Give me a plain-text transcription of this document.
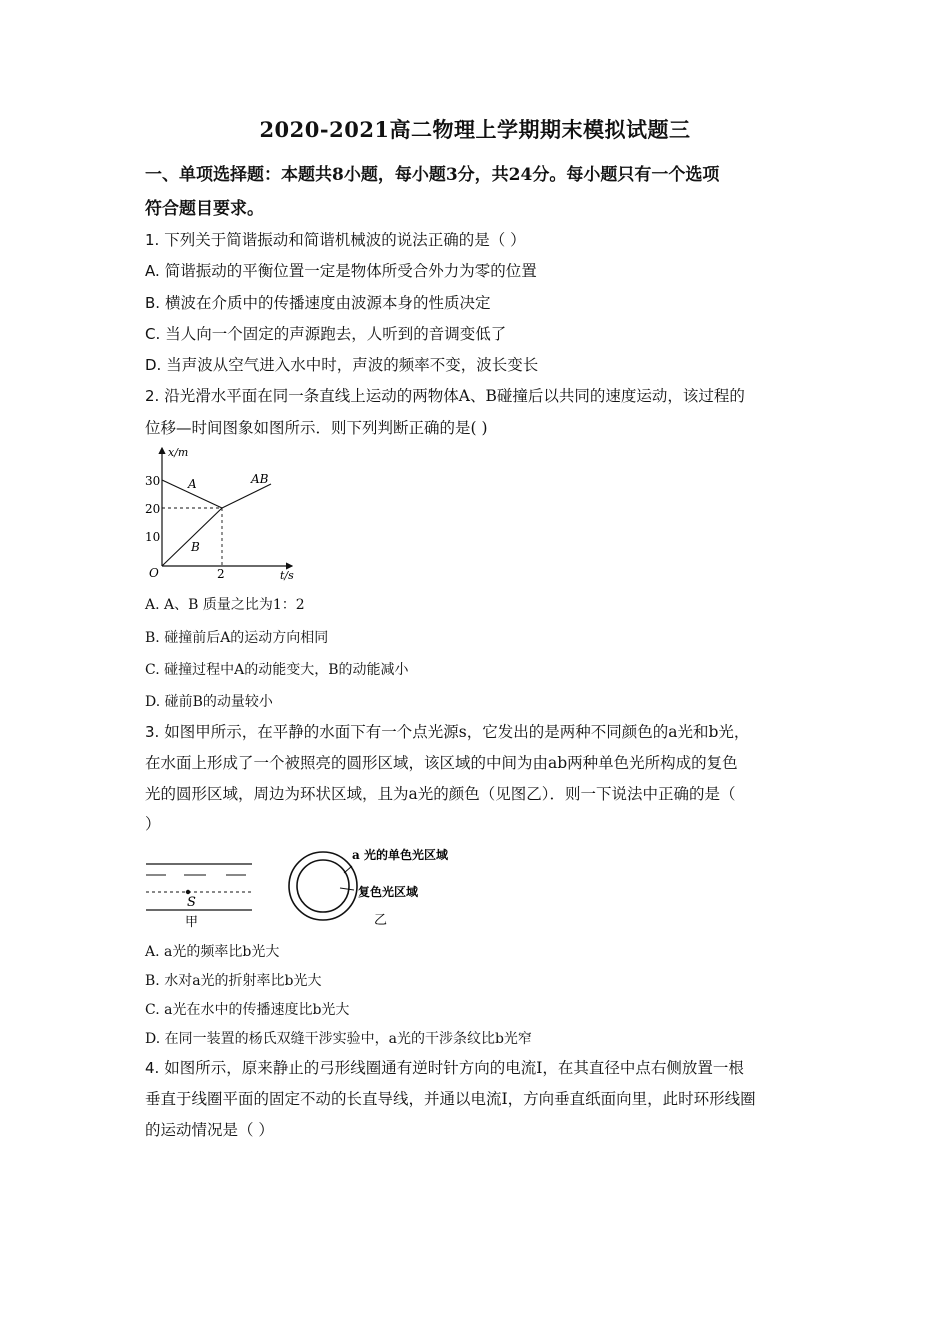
2020-2021高二物理上学期期末模拟试题三
一、单项选择题：本题共8小题，每小题3分，共24分。每小题只有一个选项
符合题目要求。
1. 下列关于简谐振动和简谐机械波的说法正确的是（ ）
A. 简谐振动的平衡位置一定是物体所受合外力为零的位置
B. 横波在介质中的传播速度由波源本身的性质决定
C. 当人向一个固定的声源跑去，人听到的音调变低了
D. 当声波从空气进入水中时，声波的频率不变，波长变长
2. 沿光滑水平面在同一条直线上运动的两物体A、B碰撞后以共同的速度运动，该过程的
位移—时间图象如图所示．则下列判断正确的是( )
x/m
t/s
O
30
20
10
2
A
B
AB
A. A、B 质量之比为1：2
B. 碰撞前后A的运动方向相同
C. 碰撞过程中A的动能变大，B的动能减小
D. 碰前B的动量较小
3. 如图甲所示，在平静的水面下有一个点光源s，它发出的是两种不同颜色的a光和b光，
在水面上形成了一个被照亮的圆形区域，该区域的中间为由ab两种单色光所构成的复色
光的圆形区域，周边为环状区域，且为a光的颜色（见图乙）．则一下说法中正确的是（
）
S
甲
a 光的单色光区域
复色光区域
乙
A. a光的频率比b光大
B. 水对a光的折射率比b光大
C. a光在水中的传播速度比b光大
D. 在同一装置的杨氏双缝干涉实验中，a光的干涉条纹比b光窄
4. 如图所示，原来静止的弓形线圈通有逆时针方向的电流I，在其直径中点右侧放置一根
垂直于线圈平面的固定不动的长直导线，并通以电流I，方向垂直纸面向里，此时环形线圈
的运动情况是（ ）
